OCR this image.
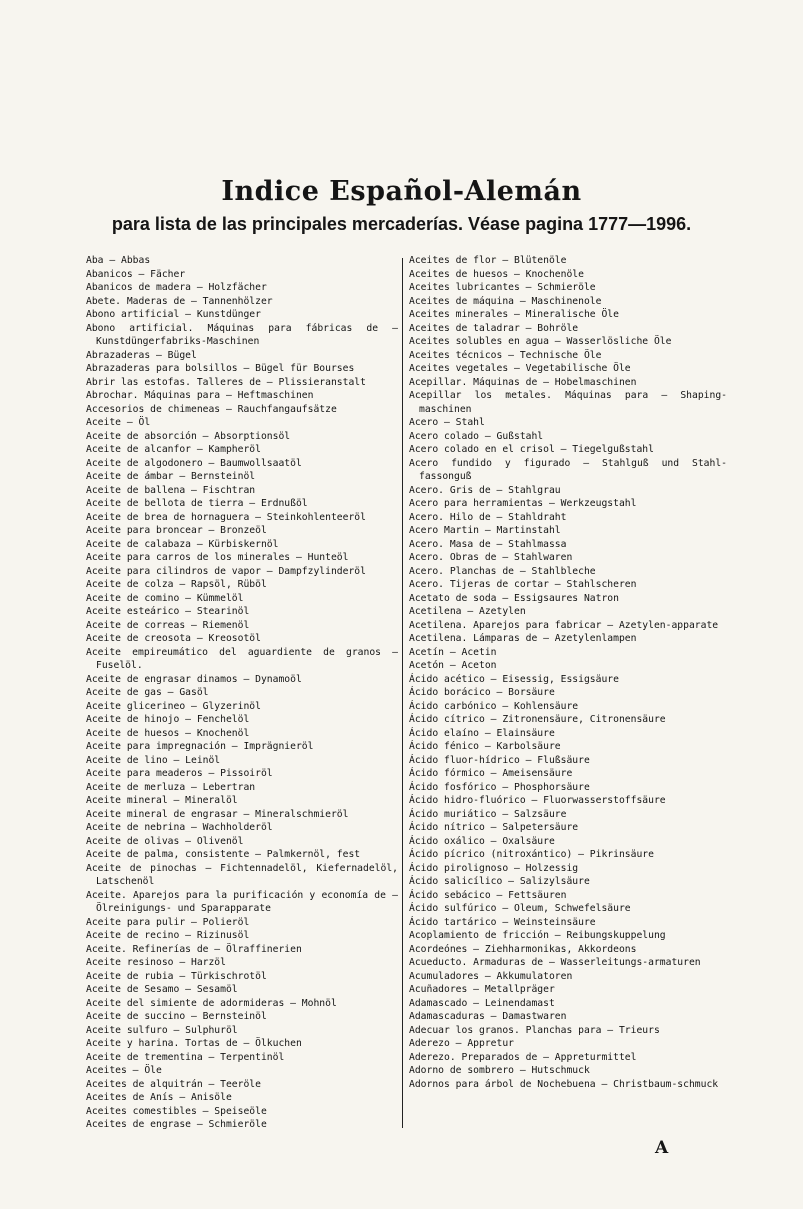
Indice Español-Alemán
para lista de las principales mercaderías. Véase pagina 1777—1996.

Aba — Abbas

Abanicos — Fächer

Abanicos de madera — Holzfächer

Abete. Maderas de — Tannenhölzer

Abono artificial — Kunstdünger

Abono artificial. Máquinas para fábricas de — Kunstdüngerfabriks-Maschinen

Abrazaderas — Bügel

Abrazaderas para bolsillos — Bügel für Bourses

Abrir las estofas. Talleres de — Plissieranstalt

Abrochar. Máquinas para — Heftmaschinen

Accesorios de chimeneas — Rauchfangaufsätze

Aceite — Öl

Aceite de absorción — Absorptionsöl

Aceite de alcanfor — Kampheröl

Aceite de algodonero — Baumwollsaatöl

Aceite de ámbar — Bernsteinöl

Aceite de ballena — Fischtran

Aceite de bellota de tierra — Erdnußöl

Aceite de brea de hornaguera — Steinkohlenteeröl

Aceite para broncear — Bronzeöl

Aceite de calabaza — Kürbiskernöl

Aceite para carros de los minerales — Hunteöl

Aceite para cilindros de vapor — Dampfzylinderöl

Aceite de colza — Rapsöl, Rüböl

Aceite de comino — Kümmelöl

Aceite esteárico — Stearinöl

Aceite de correas — Riemenöl

Aceite de creosota — Kreosotöl

Aceite empireumático del aguardiente de granos — Fuselöl.

Aceite de engrasar dinamos — Dynamoöl

Aceite de gas — Gasöl

Aceite glicerineo — Glyzerinöl

Aceite de hinojo — Fenchelöl

Aceite de huesos — Knochenöl

Aceite para impregnación — Imprägnieröl

Aceite de lino — Leinöl

Aceite para meaderos — Pissoiröl

Aceite de merluza — Lebertran

Aceite mineral — Mineralöl

Aceite mineral de engrasar — Mineralschmieröl

Aceite de nebrina — Wachholderöl

Aceite de olivas — Olivenöl

Aceite de palma, consistente — Palmkernöl, fest

Aceite de pinochas — Fichtennadelöl, Kiefernadelöl, Latschenöl

Aceite. Aparejos para la purificación y economía de — Ölreinigungs- und Sparapparate

Aceite para pulir — Polieröl

Aceite de recino — Rizinusöl

Aceite. Refinerías de — Ölraffinerien

Aceite resinoso — Harzöl

Aceite de rubia — Türkischrotöl

Aceite de Sesamo — Sesamöl

Aceite del simiente de adormideras — Mohnöl

Aceite de succino — Bernsteinöl

Aceite sulfuro — Sulphuröl

Aceite y harina. Tortas de — Ölkuchen

Aceite de trementina — Terpentinöl

Aceites — Öle

Aceites de alquitrán — Teeröle

Aceites de Anís — Anisöle

Aceites comestibles — Speiseöle

Aceites de engrase — Schmieröle

Aceites de flor — Blütenöle

Aceites de huesos — Knochenöle

Aceites lubricantes — Schmieröle

Aceites de máquina — Maschinenole

Aceites minerales — Mineralische Öle

Aceites de taladrar — Bohröle

Aceites solubles en agua — Wasserlösliche Öle

Aceites técnicos — Technische Öle

Aceites vegetales — Vegetabilische Öle

Acepillar. Máquinas de — Hobelmaschinen

Acepillar los metales. Máquinas para — Shaping-maschinen

Acero — Stahl

Acero colado — Gußstahl

Acero colado en el crisol — Tiegelgußstahl

Acero fundido y figurado — Stahlguß und Stahl-fassonguß

Acero. Gris de — Stahlgrau

Acero para herramientas — Werkzeugstahl

Acero. Hilo de — Stahldraht

Acero Martin — Martinstahl

Acero. Masa de — Stahlmassa

Acero. Obras de — Stahlwaren

Acero. Planchas de — Stahlbleche

Acero. Tijeras de cortar — Stahlscheren

Acetato de soda — Essigsaures Natron

Acetilena — Azetylen

Acetilena. Aparejos para fabricar — Azetylen-apparate

Acetilena. Lámparas de — Azetylenlampen

Acetín — Acetin

Acetón — Aceton

Ácido acético — Eisessig, Essigsäure

Ácido borácico — Borsäure

Ácido carbónico — Kohlensäure

Ácido cítrico — Zitronensäure, Citronensäure

Ácido elaíno — Elainsäure

Ácido fénico — Karbolsäure

Ácido fluor-hídrico — Flußsäure

Ácido fórmico — Ameisensäure

Ácido fosfórico — Phosphorsäure

Ácido hidro-fluórico — Fluorwasserstoffsäure

Ácido muriático — Salzsäure

Ácido nítrico — Salpetersäure

Ácido oxálico — Oxalsäure

Ácido pícrico (nitroxántico) — Pikrinsäure

Ácido pirolignoso — Holzessig

Ácido salicílico — Salizylsäure

Ácido sebácico — Fettsäuren

Ácido sulfúrico — Oleum, Schwefelsäure

Ácido tartárico — Weinsteinsäure

Acoplamiento de fricción — Reibungskuppelung

Acordeónes — Ziehharmonikas, Akkordeons

Acueducto. Armaduras de — Wasserleitungs-armaturen

Acumuladores — Akkumulatoren

Acuñadores — Metallpräger

Adamascado — Leinendamast

Adamascaduras — Damastwaren

Adecuar los granos. Planchas para — Trieurs

Aderezo — Appretur

Aderezo. Preparados de — Appreturmittel

Adorno de sombrero — Hutschmuck

Adornos para árbol de Nochebuena — Christbaum-schmuck

A
